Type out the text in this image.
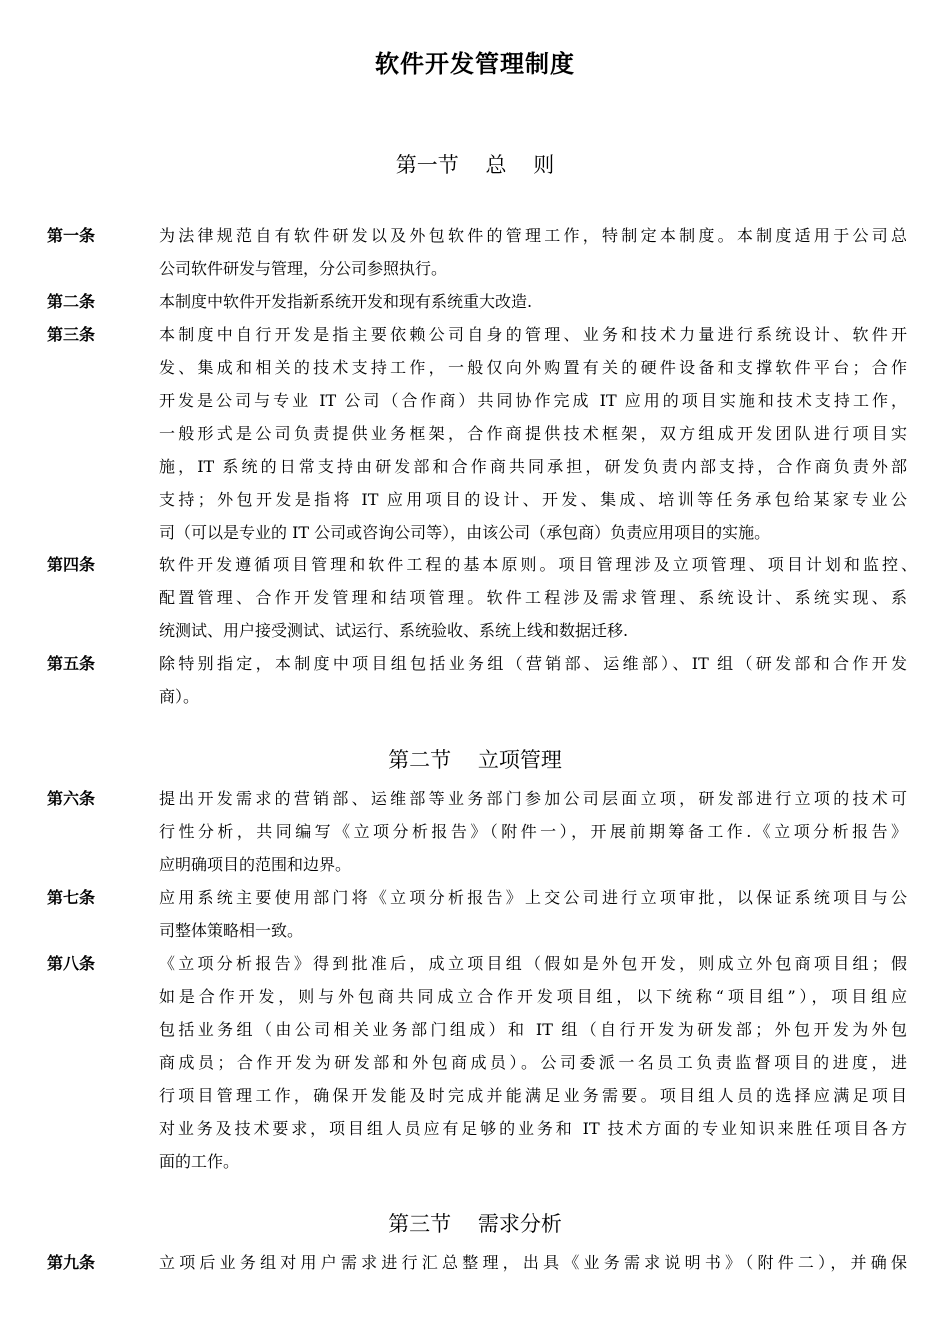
软件开发管理制度
第一节    总    则
第一条	为法律规范自有软件研发以及外包软件的管理工作，特制定本制度。本制度适用于公司总
公司软件研发与管理，分公司参照执行。
第二条	本制度中软件开发指新系统开发和现有系统重大改造.
第三条	本制度中自行开发是指主要依赖公司自身的管理、业务和技术力量进行系统设计、软件开
发、集成和相关的技术支持工作，一般仅向外购置有关的硬件设备和支撑软件平台；合作
开发是公司与专业 IT 公司（合作商）共同协作完成 IT 应用的项目实施和技术支持工作，
一般形式是公司负责提供业务框架，合作商提供技术框架，双方组成开发团队进行项目实
施，IT 系统的日常支持由研发部和合作商共同承担，研发负责内部支持，合作商负责外部
支持；外包开发是指将 IT 应用项目的设计、开发、集成、培训等任务承包给某家专业公
司（可以是专业的 IT 公司或咨询公司等），由该公司（承包商）负责应用项目的实施。
第四条	软件开发遵循项目管理和软件工程的基本原则。项目管理涉及立项管理、项目计划和监控、
配置管理、合作开发管理和结项管理。软件工程涉及需求管理、系统设计、系统实现、系
统测试、用户接受测试、试运行、系统验收、系统上线和数据迁移.
第五条	除特别指定，本制度中项目组包括业务组（营销部、运维部）、IT 组（研发部和合作开发
商）。
第二节    立项管理
第六条	提出开发需求的营销部、运维部等业务部门参加公司层面立项，研发部进行立项的技术可
行性分析，共同编写《立项分析报告》（附件一），开展前期筹备工作.《立项分析报告》
应明确项目的范围和边界。
第七条	应用系统主要使用部门将《立项分析报告》上交公司进行立项审批，以保证系统项目与公
司整体策略相一致。
第八条	《立项分析报告》得到批准后，成立项目组（假如是外包开发，则成立外包商项目组；假
如是合作开发，则与外包商共同成立合作开发项目组，以下统称“项目组”），项目组应
包括业务组（由公司相关业务部门组成）和 IT 组（自行开发为研发部；外包开发为外包
商成员；合作开发为研发部和外包商成员）。公司委派一名员工负责监督项目的进度，进
行项目管理工作，确保开发能及时完成并能满足业务需要。项目组人员的选择应满足项目
对业务及技术要求，项目组人员应有足够的业务和 IT 技术方面的专业知识来胜任项目各方
面的工作。
第三节    需求分析
第九条	立项后业务组对用户需求进行汇总整理，出具《业务需求说明书》（附件二），并确保
